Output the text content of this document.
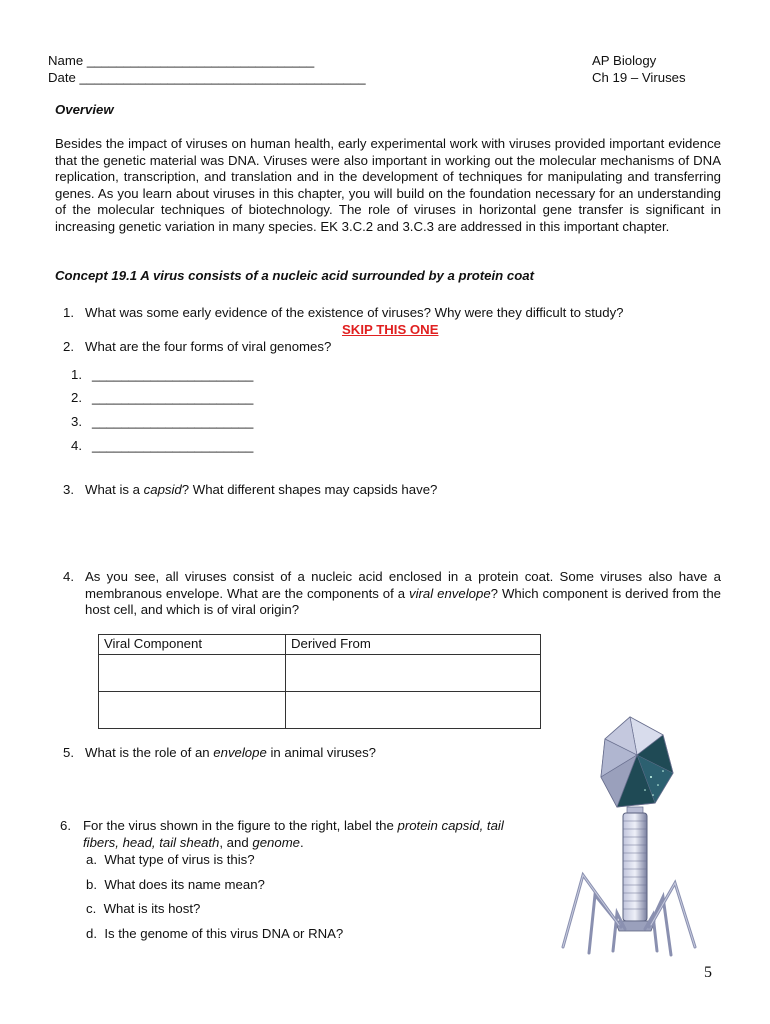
Name _______________________________
Date _______________________________________
AP Biology
Ch 19 – Viruses
Overview
Besides the impact of viruses on human health, early experimental work with viruses provided important evidence that the genetic material was DNA. Viruses were also important in working out the molecular mechanisms of DNA replication, transcription, and translation and in the development of techniques for manipulating and transferring genes. As you learn about viruses in this chapter, you will build on the foundation necessary for an understanding of the molecular techniques of biotechnology. The role of viruses in horizontal gene transfer is significant in increasing genetic variation in many species. EK 3.C.2 and 3.C.3 are addressed in this important chapter.
Concept 19.1 A virus consists of a nucleic acid surrounded by a protein coat
1. What was some early evidence of the existence of viruses? Why were they difficult to study?
SKIP THIS ONE
2. What are the four forms of viral genomes?
1. ______________________
2. ______________________
3. ______________________
4. ______________________
3. What is a capsid? What different shapes may capsids have?
4. As you see, all viruses consist of a nucleic acid enclosed in a protein coat. Some viruses also have a membranous envelope. What are the components of a viral envelope? Which component is derived from the host cell, and which is of viral origin?
Viral Component	Derived From

5. What is the role of an envelope in animal viruses?
6. For the virus shown in the figure to the right, label the protein capsid, tail fibers, head, tail sheath, and genome.
a. What type of virus is this?
b. What does its name mean?
c. What is its host?
d. Is the genome of this virus DNA or RNA?
5
